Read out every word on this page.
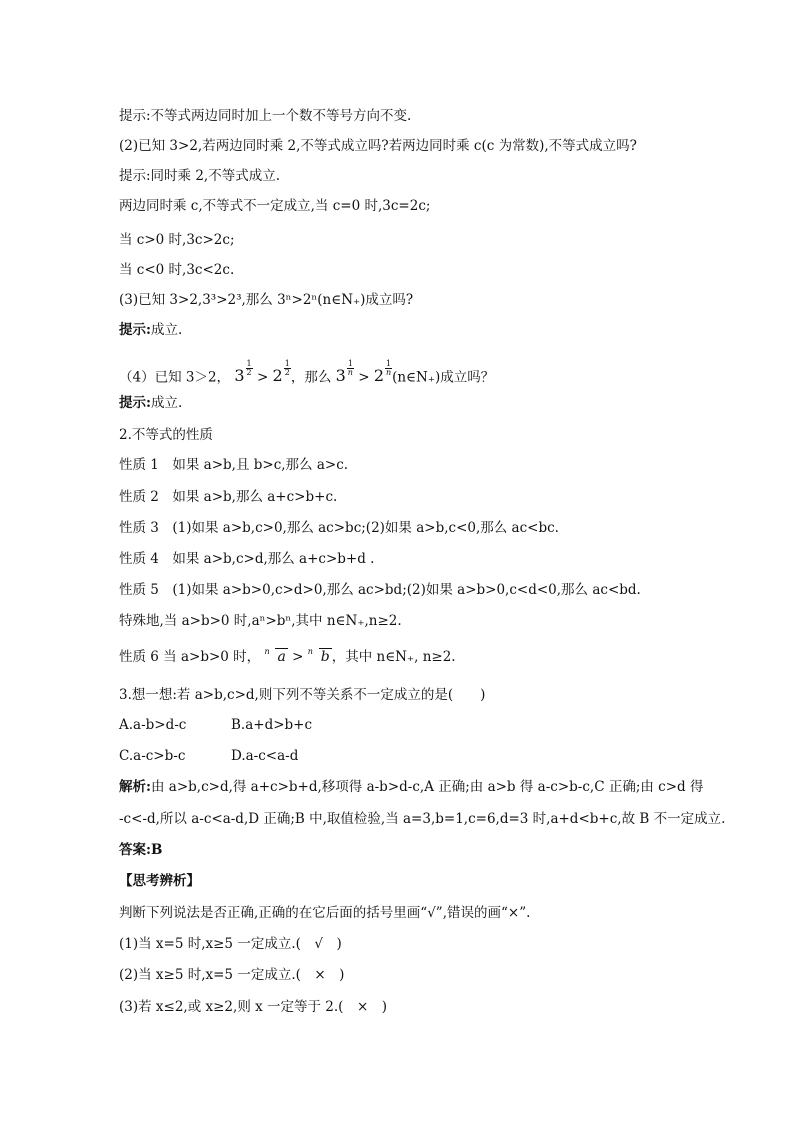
提示:不等式两边同时加上一个数不等号方向不变.
(2)已知 3>2,若两边同时乘 2,不等式成立吗?若两边同时乘 c(c 为常数),不等式成立吗?
提示:同时乘 2,不等式成立.
两边同时乘 c,不等式不一定成立,当 c=0 时,3c=2c;
当 c>0 时,3c>2c;
当 c<0 时,3c<2c.
(3)已知 3>2,3³>2³,那么 3ⁿ>2ⁿ(n∈N₊)成立吗?
提示:成立.
（4）已知 3＞2， $3 \frac{1}{2}$
> $2 \frac{1}{2}$
，那么 $3 \frac{1}{n}$
> $2 \frac{1}{n}$
(n∈N₊)成立吗？
提示:成立.
2.不等式的性质
性质 1　如果 a>b,且 b>c,那么 a>c.
性质 2　如果 a>b,那么 a+c>b+c.
性质 3　(1)如果 a>b,c>0,那么 ac>bc;(2)如果 a>b,c<0,那么 ac<bc.
性质 4　如果 a>b,c>d,那么 a+c>b+d .
性质 5　(1)如果 a>b>0,c>d>0,那么 ac>bd;(2)如果 a>b>0,c<d<0,那么 ac<bd.
特殊地,当 a>b>0 时,aⁿ>bⁿ,其中 n∈N₊,n≥2.
性质 6 当 a>b>0 时， n a > n b ，其中 n∈N₊, n≥2.
3.想一想:若 a>b,c>d,则下列不等关系不一定成立的是(　　)
A.a-b>d-c	B.a+d>b+c
C.a-c>b-c	D.a-c<a-d
解析:由 a>b,c>d,得 a+c>b+d,移项得 a-b>d-c,A 正确;由 a>b 得 a-c>b-c,C 正确;由 c>d 得
-c<-d,所以 a-c<a-d,D 正确;B 中,取值检验,当 a=3,b=1,c=6,d=3 时,a+d<b+c,故 B 不一定成立.
答案:B
【思考辨析】
判断下列说法是否正确,正确的在它后面的括号里画“√”,错误的画“×”.
(1)当 x=5 时,x≥5 一定成立.(　√　)
(2)当 x≥5 时,x=5 一定成立.(　×　)
(3)若 x≤2,或 x≥2,则 x 一定等于 2.(　×　)
